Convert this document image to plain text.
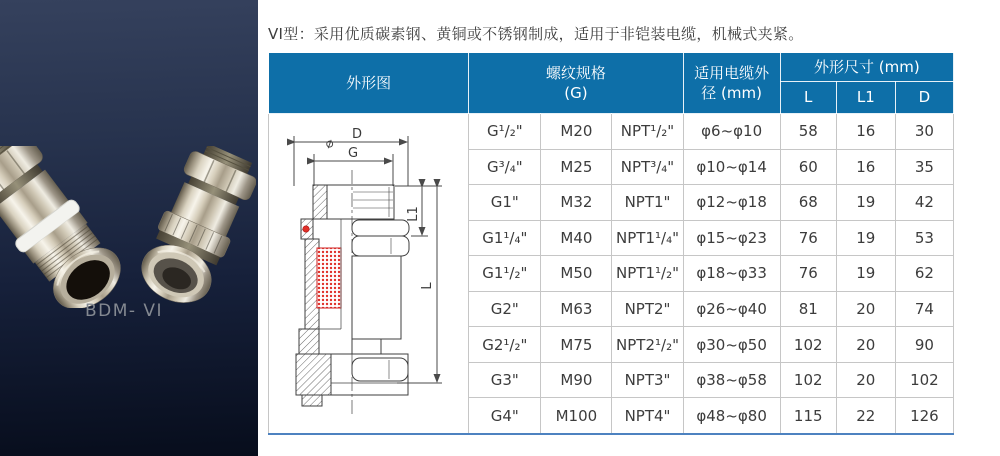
BDM- VI
VI型：采用优质碳素钢、黄铜或不锈钢制成，适用于非铠装电缆，机械式夹紧。
外形图	螺纹规格
(G)			适用电缆外
径 (mm)	外形尺寸 (mm)		
					L	L1	D

D
⌀
G
L1
L	G¹/₂"	M20	NPT¹/₂"	φ6~φ10	58	16	30
	G³/₄"	M25	NPT³/₄"	φ10~φ14	60	16	35
	G1"	M32	NPT1"	φ12~φ18	68	19	42
	G1¹/₄"	M40	NPT1¹/₄"	φ15~φ23	76	19	53
	G1¹/₂"	M50	NPT1¹/₂"	φ18~φ33	76	19	62
	G2"	M63	NPT2"	φ26~φ40	81	20	74
	G2¹/₂"	M75	NPT2¹/₂"	φ30~φ50	102	20	90
	G3"	M90	NPT3"	φ38~φ58	102	20	102
	G4"	M100	NPT4"	φ48~φ80	115	22	126
